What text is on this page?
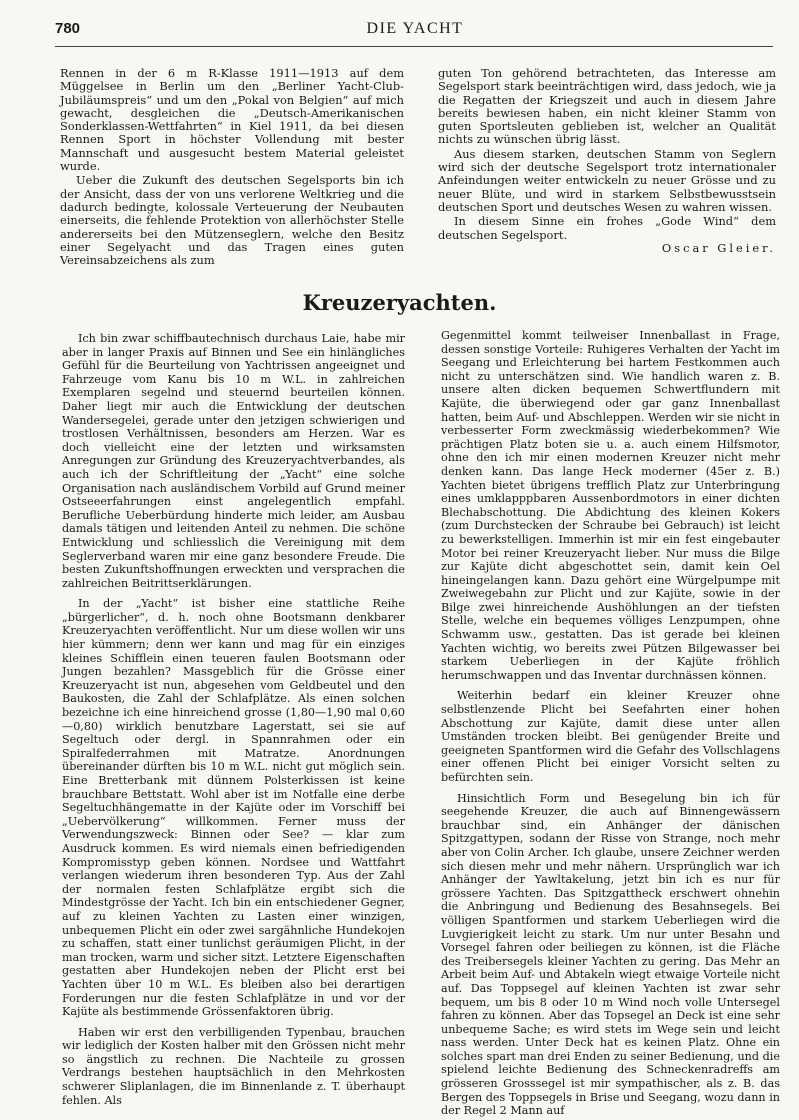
780	DIE YACHT

Rennen in der 6 m R-Klasse 1911—1913 auf dem Müggelsee in Berlin um den „Berliner Yacht-Club-Jubiläumspreis“ und um den „Pokal von Belgien“ auf mich gewacht, desgleichen die „Deutsch-Amerikanischen Sonderklassen-Wettfahrten“ in Kiel 1911, da bei diesen Rennen Sport in höchster Vollendung mit bester Mannschaft und ausgesucht bestem Material geleistet wurde.

Ueber die Zukunft des deutschen Segelsports bin ich der Ansicht, dass der von uns verlorene Weltkrieg und die dadurch bedingte, kolossale Verteuerung der Neubauten einerseits, die fehlende Protektion von allerhöchster Stelle andererseits bei den Mützenseglern, welche den Besitz einer Segelyacht und das Tragen eines guten Vereinsabzeichens als zum

guten Ton gehörend betrachteten, das Interesse am Segelsport stark beeinträchtigen wird, dass jedoch, wie ja die Regatten der Kriegszeit und auch in diesem Jahre bereits bewiesen haben, ein nicht kleiner Stamm von guten Sportsleuten geblieben ist, welcher an Qualität nichts zu wünschen übrig lässt.

Aus diesem starken, deutschen Stamm von Seglern wird sich der deutsche Segelsport trotz internationaler Anfeindungen weiter entwickeln zu neuer Grösse und zu neuer Blüte, und wird in starkem Selbstbewusstsein deutschen Sport und deutsches Wesen zu wahren wissen.

In diesem Sinne ein frohes „Gode Wind“ dem deutschen Segelsport.

Oscar Gleier.
Kreuzeryachten.

Ich bin zwar schiffbautechnisch durchaus Laie, habe mir aber in langer Praxis auf Binnen und See ein hinlängliches Gefühl für die Beurteilung von Yachtrissen angeeignet und Fahrzeuge vom Kanu bis 10 m W.L. in zahlreichen Exemplaren segelnd und steuernd beurteilen können. Daher liegt mir auch die Entwicklung der deutschen Wandersegelei, gerade unter den jetzigen schwierigen und trostlosen Verhältnissen, besonders am Herzen. War es doch vielleicht eine der letzten und wirksamsten Anregungen zur Gründung des Kreuzeryachtverbandes, als auch ich der Schriftleitung der „Yacht“ eine solche Organisation nach ausländischem Vorbild auf Grund meiner Ostseeerfahrungen einst angelegentlich empfahl. Berufliche Ueberbürdung hinderte mich leider, am Ausbau damals tätigen und leitenden Anteil zu nehmen. Die schöne Entwicklung und schliesslich die Vereinigung mit dem Seglerverband waren mir eine ganz besondere Freude. Die besten Zukunftshoffnungen erweckten und versprachen die zahlreichen Beitrittserklärungen.

In der „Yacht“ ist bisher eine stattliche Reihe „bürgerlicher“, d. h. noch ohne Bootsmann denkbarer Kreuzeryachten veröffentlicht. Nur um diese wollen wir uns hier kümmern; denn wer kann und mag für ein einziges kleines Schifflein einen teueren faulen Bootsmann oder Jungen bezahlen? Massgeblich für die Grösse einer Kreuzeryacht ist nun, abgesehen vom Geldbeutel und den Baukosten, die Zahl der Schlafplätze. Als einen solchen bezeichne ich eine hinreichend grosse (1,80—1,90 mal 0,60—0,80) wirklich benutzbare Lagerstatt, sei sie auf Segeltuch oder dergl. in Spannrahmen oder ein Spiralfederrahmen mit Matratze. Anordnungen übereinander dürften bis 10 m W.L. nicht gut möglich sein. Eine Bretterbank mit dünnem Polsterkissen ist keine brauchbare Bettstatt. Wohl aber ist im Notfalle eine derbe Segeltuchhängematte in der Kajüte oder im Vorschiff bei „Uebervölkerung“ willkommen. Ferner muss der Verwendungszweck: Binnen oder See? — klar zum Ausdruck kommen. Es wird niemals einen befriedigenden Kompromisstyp geben können. Nordsee und Wattfahrt verlangen wiederum ihren besonderen Typ. Aus der Zahl der normalen festen Schlafplätze ergibt sich die Mindestgrösse der Yacht. Ich bin ein entschiedener Gegner, auf zu kleinen Yachten zu Lasten einer winzigen, unbequemen Plicht ein oder zwei sargähnliche Hundekojen zu schaffen, statt einer tunlichst geräumigen Plicht, in der man trocken, warm und sicher sitzt. Letztere Eigenschaften gestatten aber Hundekojen neben der Plicht erst bei Yachten über 10 m W.L. Es bleiben also bei derartigen Forderungen nur die festen Schlafplätze in und vor der Kajüte als bestimmende Grössenfaktoren übrig.

Haben wir erst den verbilligenden Typenbau, brauchen wir lediglich der Kosten halber mit den Grössen nicht mehr so ängstlich zu rechnen. Die Nachteile zu grossen Verdrangs bestehen hauptsächlich in den Mehrkosten schwerer Sliplanlagen, die im Binnenlande z. T. überhaupt fehlen. Als

Gegenmittel kommt teilweiser Innenballast in Frage, dessen sonstige Vorteile: Ruhigeres Verhalten der Yacht im Seegang und Erleichterung bei hartem Festkommen auch nicht zu unterschätzen sind. Wie handlich waren z. B. unsere alten dicken bequemen Schwertflundern mit Kajüte, die überwiegend oder gar ganz Innenballast hatten, beim Auf- und Abschleppen. Werden wir sie nicht in verbesserter Form zweckmässig wiederbekommen? Wie prächtigen Platz boten sie u. a. auch einem Hilfsmotor, ohne den ich mir einen modernen Kreuzer nicht mehr denken kann. Das lange Heck moderner (45er z. B.) Yachten bietet übrigens trefflich Platz zur Unterbringung eines umklapppbaren Aussenbordmotors in einer dichten Blechabschottung. Die Abdichtung des kleinen Kokers (zum Durchstecken der Schraube bei Gebrauch) ist leicht zu bewerkstelligen. Immerhin ist mir ein fest eingebauter Motor bei reiner Kreuzeryacht lieber. Nur muss die Bilge zur Kajüte dicht abgeschottet sein, damit kein Oel hineingelangen kann. Dazu gehört eine Würgelpumpe mit Zweiwegebahn zur Plicht und zur Kajüte, sowie in der Bilge zwei hinreichende Aushöhlungen an der tiefsten Stelle, welche ein bequemes völliges Lenzpumpen, ohne Schwamm usw., gestatten. Das ist gerade bei kleinen Yachten wichtig, wo bereits zwei Pützen Bilgewasser bei starkem Ueberliegen in der Kajüte fröhlich herumschwappen und das Inventar durchnässen können.

Weiterhin bedarf ein kleiner Kreuzer ohne selbstlenzende Plicht bei Seefahrten einer hohen Abschottung zur Kajüte, damit diese unter allen Umständen trocken bleibt. Bei genügender Breite und geeigneten Spantformen wird die Gefahr des Vollschlagens einer offenen Plicht bei einiger Vorsicht selten zu befürchten sein.

Hinsichtlich Form und Besegelung bin ich für seegehende Kreuzer, die auch auf Binnengewässern brauchbar sind, ein Anhänger der dänischen Spitzgattypen, sodann der Risse von Strange, noch mehr aber von Colin Archer. Ich glaube, unsere Zeichner werden sich diesen mehr und mehr nähern. Ursprünglich war ich Anhänger der Yawltakelung, jetzt bin ich es nur für grössere Yachten. Das Spitzgattheck erschwert ohnehin die Anbringung und Bedienung des Besahnsegels. Bei völligen Spantformen und starkem Ueberliegen wird die Luvgierigkeit leicht zu stark. Um nur unter Besahn und Vorsegel fahren oder beiliegen zu können, ist die Fläche des Treibersegels kleiner Yachten zu gering. Das Mehr an Arbeit beim Auf- und Abtakeln wiegt etwaige Vorteile nicht auf. Das Toppsegel auf kleinen Yachten ist zwar sehr bequem, um bis 8 oder 10 m Wind noch volle Untersegel fahren zu können. Aber das Topsegel an Deck ist eine sehr unbequeme Sache; es wird stets im Wege sein und leicht nass werden. Unter Deck hat es keinen Platz. Ohne ein solches spart man drei Enden zu seiner Bedienung, und die spielend leichte Bedienung des Schneckenradreffs am grösseren Grosssegel ist mir sympathischer, als z. B. das Bergen des Toppsegels in Brise und Seegang, wozu dann in der Regel 2 Mann auf
